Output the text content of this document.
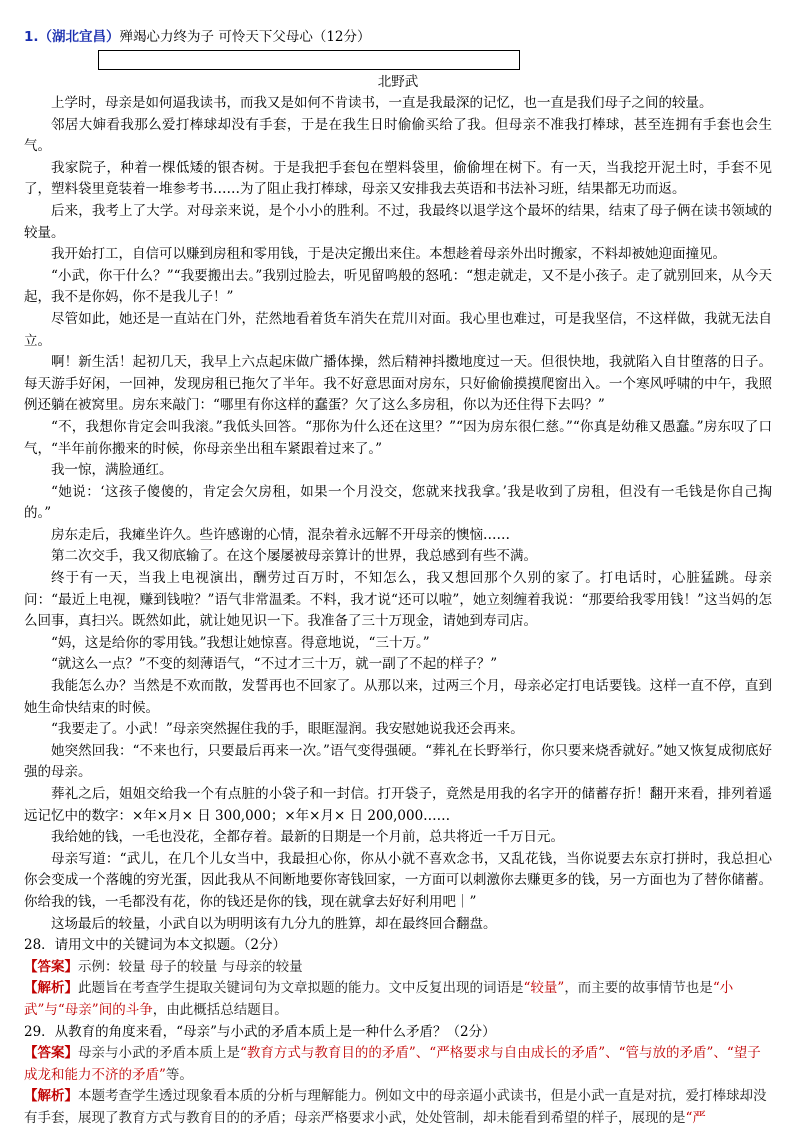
1.（湖北宜昌）殚竭心力终为子 可怜天下父母心（12分）
北野武

上学时，母亲是如何逼我读书，而我又是如何不肯读书，一直是我最深的记忆，也一直是我们母子之间的较量。

邻居大婶看我那么爱打棒球却没有手套，于是在我生日时偷偷买给了我。但母亲不准我打棒球，甚至连拥有手套也会生气。

我家院子，种着一棵低矮的银杏树。于是我把手套包在塑料袋里，偷偷埋在树下。有一天，当我挖开泥土时，手套不见了，塑料袋里竟装着一堆参考书……为了阻止我打棒球，母亲又安排我去英语和书法补习班，结果都无功而返。

后来，我考上了大学。对母亲来说，是个小小的胜利。不过，我最终以退学这个最坏的结果，结束了母子俩在读书领域的较量。

我开始打工，自信可以赚到房租和零用钱，于是决定搬出来住。本想趁着母亲外出时搬家，不料却被她迎面撞见。

“小武，你干什么？”“我要搬出去。”我别过脸去，听见留鸣般的怒吼：“想走就走，又不是小孩子。走了就别回来，从今天起，我不是你妈，你不是我儿子！”

尽管如此，她还是一直站在门外，茫然地看着货车消失在荒川对面。我心里也难过，可是我坚信，不这样做，我就无法自立。

啊！新生活！起初几天，我早上六点起床做广播体操，然后精神抖擞地度过一天。但很快地，我就陷入自甘堕落的日子。每天游手好闲，一回神，发现房租已拖欠了半年。我不好意思面对房东，只好偷偷摸摸爬窗出入。一个寒风呼啸的中午，我照例还躺在被窝里。房东来敲门：“哪里有你这样的蠢蛋？欠了这么多房租，你以为还住得下去吗？”

“不，我想你肯定会叫我滚。”我低头回答。“那你为什么还在这里？”“因为房东很仁慈。”“你真是幼稚又愚蠢。”房东叹了口气，“半年前你搬来的时候，你母亲坐出租车紧跟着过来了。”

我一惊，满脸通红。

“她说：‘这孩子傻傻的，肯定会欠房租，如果一个月没交，您就来找我拿。’我是收到了房租，但没有一毛钱是你自己掏的。”

房东走后，我瘫坐许久。些许感谢的心情，混杂着永远解不开母亲的懊恼……

第二次交手，我又彻底输了。在这个屡屡被母亲算计的世界，我总感到有些不满。

终于有一天，当我上电视演出，酬劳过百万时，不知怎么，我又想回那个久别的家了。打电话时，心脏猛跳。母亲问：“最近上电视，赚到钱啦？”语气非常温柔。不料，我才说“还可以啦”，她立刻缠着我说：“那要给我零用钱！”这当妈的怎么回事，真扫兴。既然如此，就让她见识一下。我准备了三十万现金，请她到寿司店。

“妈，这是给你的零用钱。”我想让她惊喜。得意地说，“三十万。”

“就这么一点？”不变的刻薄语气，“不过才三十万，就一副了不起的样子？”

我能怎么办？当然是不欢而散，发誓再也不回家了。从那以来，过两三个月，母亲必定打电话要钱。这样一直不停，直到她生命快结束的时候。

“我要走了。小武！”母亲突然握住我的手，眼眶湿润。我安慰她说我还会再来。

她突然回我：“不来也行，只要最后再来一次。”语气变得强硬。“葬礼在长野举行，你只要来烧香就好。”她又恢复成彻底好强的母亲。

葬礼之后，姐姐交给我一个有点脏的小袋子和一封信。打开袋子，竟然是用我的名字开的储蓄存折！翻开来看，排列着遥远记忆中的数字：×年×月× 日 300,000；×年×月× 日 200,000……

我给她的钱，一毛也没花，全都存着。最新的日期是一个月前，总共将近一千万日元。

母亲写道：“武儿，在几个儿女当中，我最担心你，你从小就不喜欢念书，又乱花钱，当你说要去东京打拼时，我总担心你会变成一个落魄的穷光蛋，因此我从不间断地要你寄钱回家，一方面可以刺激你去赚更多的钱，另一方面也为了替你储蓄。你给我的钱，一毛都没有花，你的钱还是你的钱，现在就拿去好好利用吧｜”

这场最后的较量，小武自以为明明该有九分九的胜算，却在最终回合翻盘。

28．请用文中的关键词为本文拟题。（2分）

【答案】示例：较量 母子的较量 与母亲的较量

【解析】此题旨在考查学生提取关键词句为文章拟题的能力。文中反复出现的词语是“较量”，而主要的故事情节也是“小武”与“母亲”间的斗争，由此概括总结题目。

29．从教育的角度来看，“母亲”与小武的矛盾本质上是一种什么矛盾？（2分）

【答案】母亲与小武的矛盾本质上是“教育方式与教育目的的矛盾”、“严格要求与自由成长的矛盾”、“管与放的矛盾”、“望子成龙和能力不济的矛盾”等。

【解析】本题考查学生透过现象看本质的分析与理解能力。例如文中的母亲逼小武读书，但是小武一直是对抗，爱打棒球却没有手套，展现了教育方式与教育目的的矛盾；母亲严格要求小武，处处管制，却未能看到希望的样子，展现的是“严
